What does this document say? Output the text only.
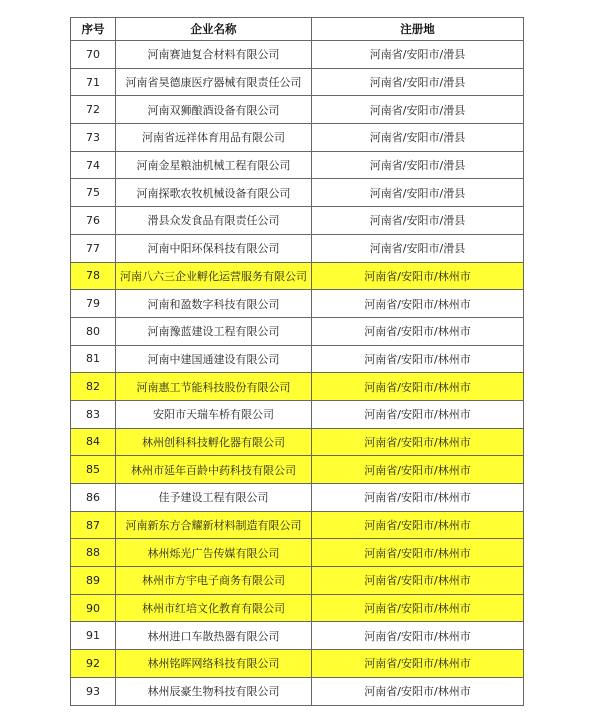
序号	企业名称	注册地
70	河南赛迪复合材料有限公司	河南省/安阳市/滑县
71	河南省昊德康医疗器械有限责任公司	河南省/安阳市/滑县
72	河南双狮酿酒设备有限公司	河南省/安阳市/滑县
73	河南省远祥体育用品有限公司	河南省/安阳市/滑县
74	河南金星粮油机械工程有限公司	河南省/安阳市/滑县
75	河南探歌农牧机械设备有限公司	河南省/安阳市/滑县
76	滑县众发食品有限责任公司	河南省/安阳市/滑县
77	河南中阳环保科技有限公司	河南省/安阳市/滑县
78	河南八六三企业孵化运营服务有限公司	河南省/安阳市/林州市
79	河南和盈数字科技有限公司	河南省/安阳市/林州市
80	河南豫蓝建设工程有限公司	河南省/安阳市/林州市
81	河南中建国通建设有限公司	河南省/安阳市/林州市
82	河南惠工节能科技股份有限公司	河南省/安阳市/林州市
83	安阳市天瑞车桥有限公司	河南省/安阳市/林州市
84	林州创科科技孵化器有限公司	河南省/安阳市/林州市
85	林州市延年百龄中药科技有限公司	河南省/安阳市/林州市
86	佳予建设工程有限公司	河南省/安阳市/林州市
87	河南新东方合耀新材料制造有限公司	河南省/安阳市/林州市
88	林州烁光广告传媒有限公司	河南省/安阳市/林州市
89	林州市方宇电子商务有限公司	河南省/安阳市/林州市
90	林州市红培文化教育有限公司	河南省/安阳市/林州市
91	林州进口车散热器有限公司	河南省/安阳市/林州市
92	林州铭晖网络科技有限公司	河南省/安阳市/林州市
93	林州辰豪生物科技有限公司	河南省/安阳市/林州市
